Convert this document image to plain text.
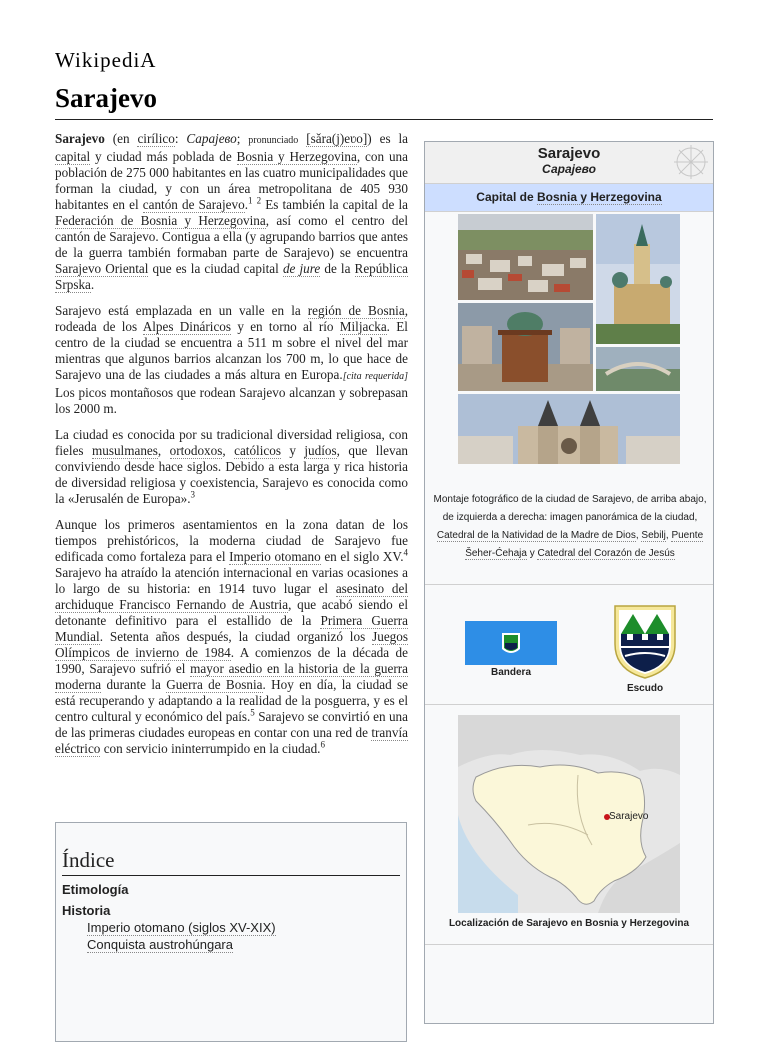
WikipediA
Sarajevo

Sarajevo (en cirílico: Сарајево; pronunciado [sǎra(j)eʋo]) es la capital y ciudad más poblada de Bosnia y Herzegovina, con una población de 275 000 habitantes en las cuatro municipalidades que forman la ciudad, y con un área metropolitana de 405 930 habitantes en el cantón de Sarajevo.$^1$ $^2$ Es también la capital de la Federación de Bosnia y Herzegovina, así como el centro del cantón de Sarajevo. Contigua a ella (y agrupando barrios que antes de la guerra también formaban parte de Sarajevo) se encuentra Sarajevo Oriental que es la ciudad capital de jure de la República Srpska.

Sarajevo está emplazada en un valle en la región de Bosnia, rodeada de los Alpes Dináricos y en torno al río Miljacka. El centro de la ciudad se encuentra a 511 m sobre el nivel del mar mientras que algunos barrios alcanzan los 700 m, lo que hace de Sarajevo una de las ciudades a más altura en Europa.[cita requerida] Los picos montañosos que rodean Sarajevo alcanzan y sobrepasan los 2000 m.

La ciudad es conocida por su tradicional diversidad religiosa, con fieles musulmanes, ortodoxos, católicos y judíos, que llevan conviviendo desde hace siglos. Debido a esta larga y rica historia de diversidad religiosa y coexistencia, Sarajevo es conocida como la «Jerusalén de Europa».$^3$

Aunque los primeros asentamientos en la zona datan de los tiempos prehistóricos, la moderna ciudad de Sarajevo fue edificada como fortaleza para el Imperio otomano en el siglo XV.$^4$ Sarajevo ha atraído la atención internacional en varias ocasiones a lo largo de su historia: en 1914 tuvo lugar el asesinato del archiduque Francisco Fernando de Austria, que acabó siendo el detonante definitivo para el estallido de la Primera Guerra Mundial. Setenta años después, la ciudad organizó los Juegos Olímpicos de invierno de 1984. A comienzos de la década de 1990, Sarajevo sufrió el mayor asedio en la historia de la guerra moderna durante la Guerra de Bosnia. Hoy en día, la ciudad se está recuperando y adaptando a la realidad de la posguerra, y es el centro cultural y económico del país.$^5$ Sarajevo se convirtió en una de las primeras ciudades europeas en contar con una red de tranvía eléctrico con servicio ininterrumpido en la ciudad.$^6$

Índice
Etimología
Historia
Imperio otomano (siglos XV-XIX)
Conquista austrohúngara
Sarajevo
Сарајево
Capital de Bosnia y Herzegovina
Montaje fotográfico de la ciudad de Sarajevo, de arriba abajo, de izquierda a derecha: imagen panorámica de la ciudad, Catedral de la Natividad de la Madre de Dios, Sebilj, Puente Šeher-Ćehaja y Catedral del Corazón de Jesús
Bandera
Escudo
Sarajevo
Localización de Sarajevo en Bosnia y Herzegovina
